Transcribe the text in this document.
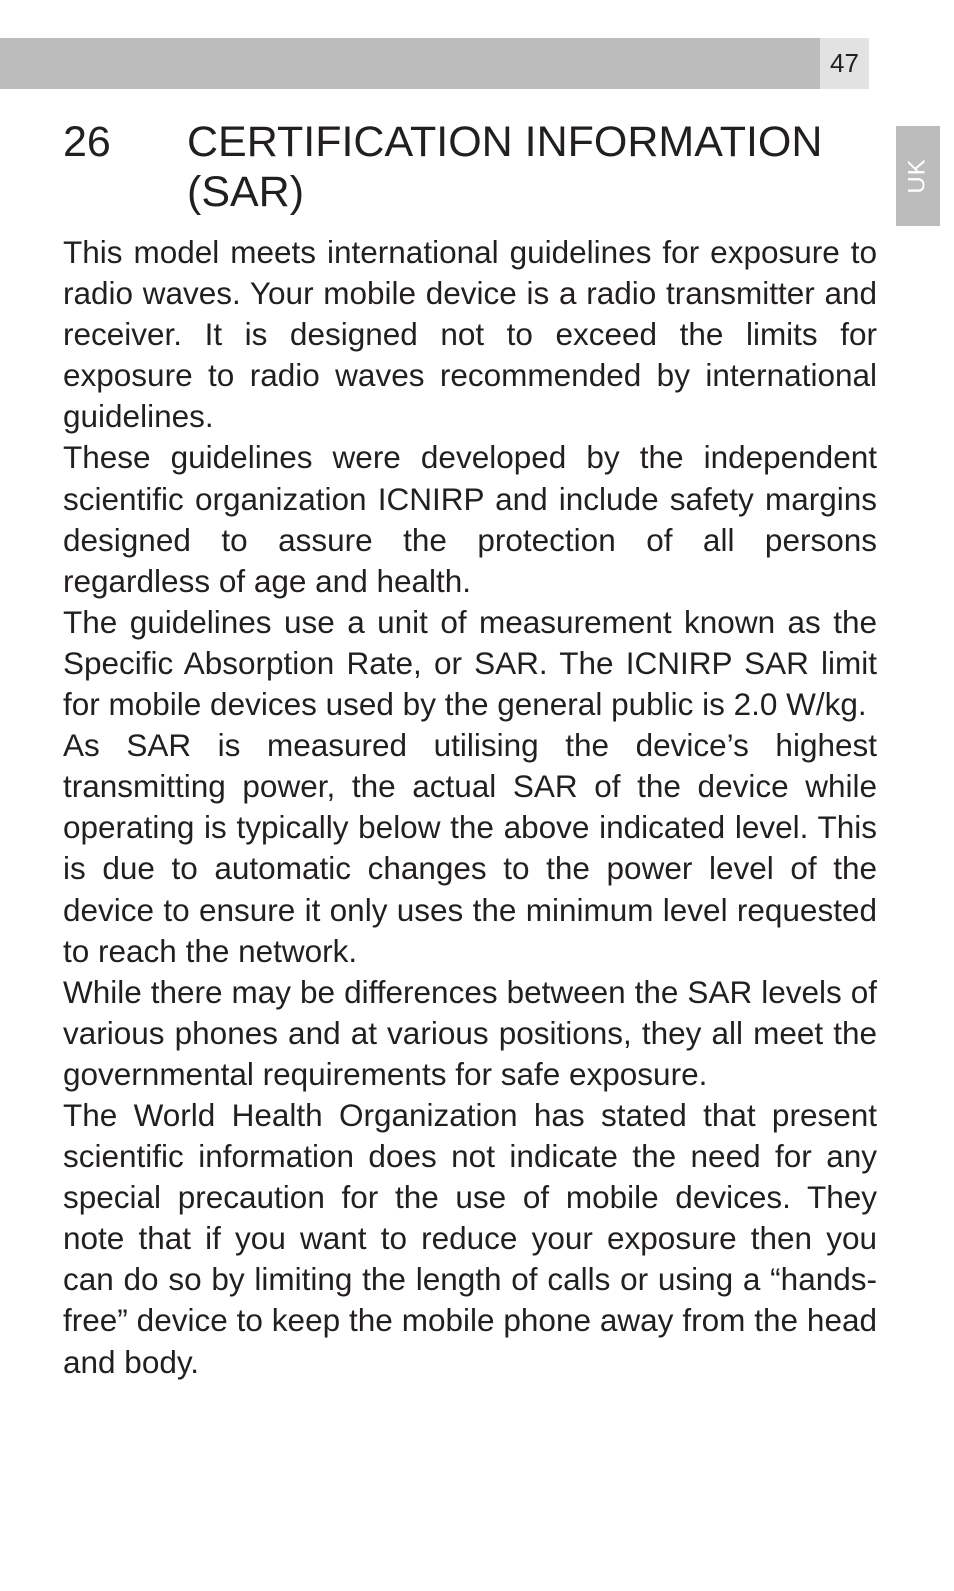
47
UK
26	CERTIFICATION INFORMATION (SAR)

This model meets international guidelines for exposure to radio waves. Your mobile device is a radio transmitter and receiver. It is designed not to exceed the limits for exposure to radio waves recommended by international guidelines.

These guidelines were developed by the independent scientific organization ICNIRP and include safety margins designed to assure the protection of all persons regardless of age and health.

The guidelines use a unit of measurement known as the Specific Absorption Rate, or SAR. The ICNIRP SAR limit for mobile devices used by the general public is 2.0 W/kg.

As SAR is measured utilising the device’s highest transmitting power, the actual SAR of the device while operating is typically below the above indicated level. This is due to automatic changes to the power level of the device to ensure it only uses the minimum level requested to reach the network.

While there may be differences between the SAR levels of various phones and at various positions, they all meet the governmental requirements for safe exposure.

The World Health Organization has stated that present scientific information does not indicate the need for any special precaution for the use of mobile devices. They note that if you want to reduce your exposure then you can do so by limiting the length of calls or using a “hands-free” device to keep the mobile phone away from the head and body.
